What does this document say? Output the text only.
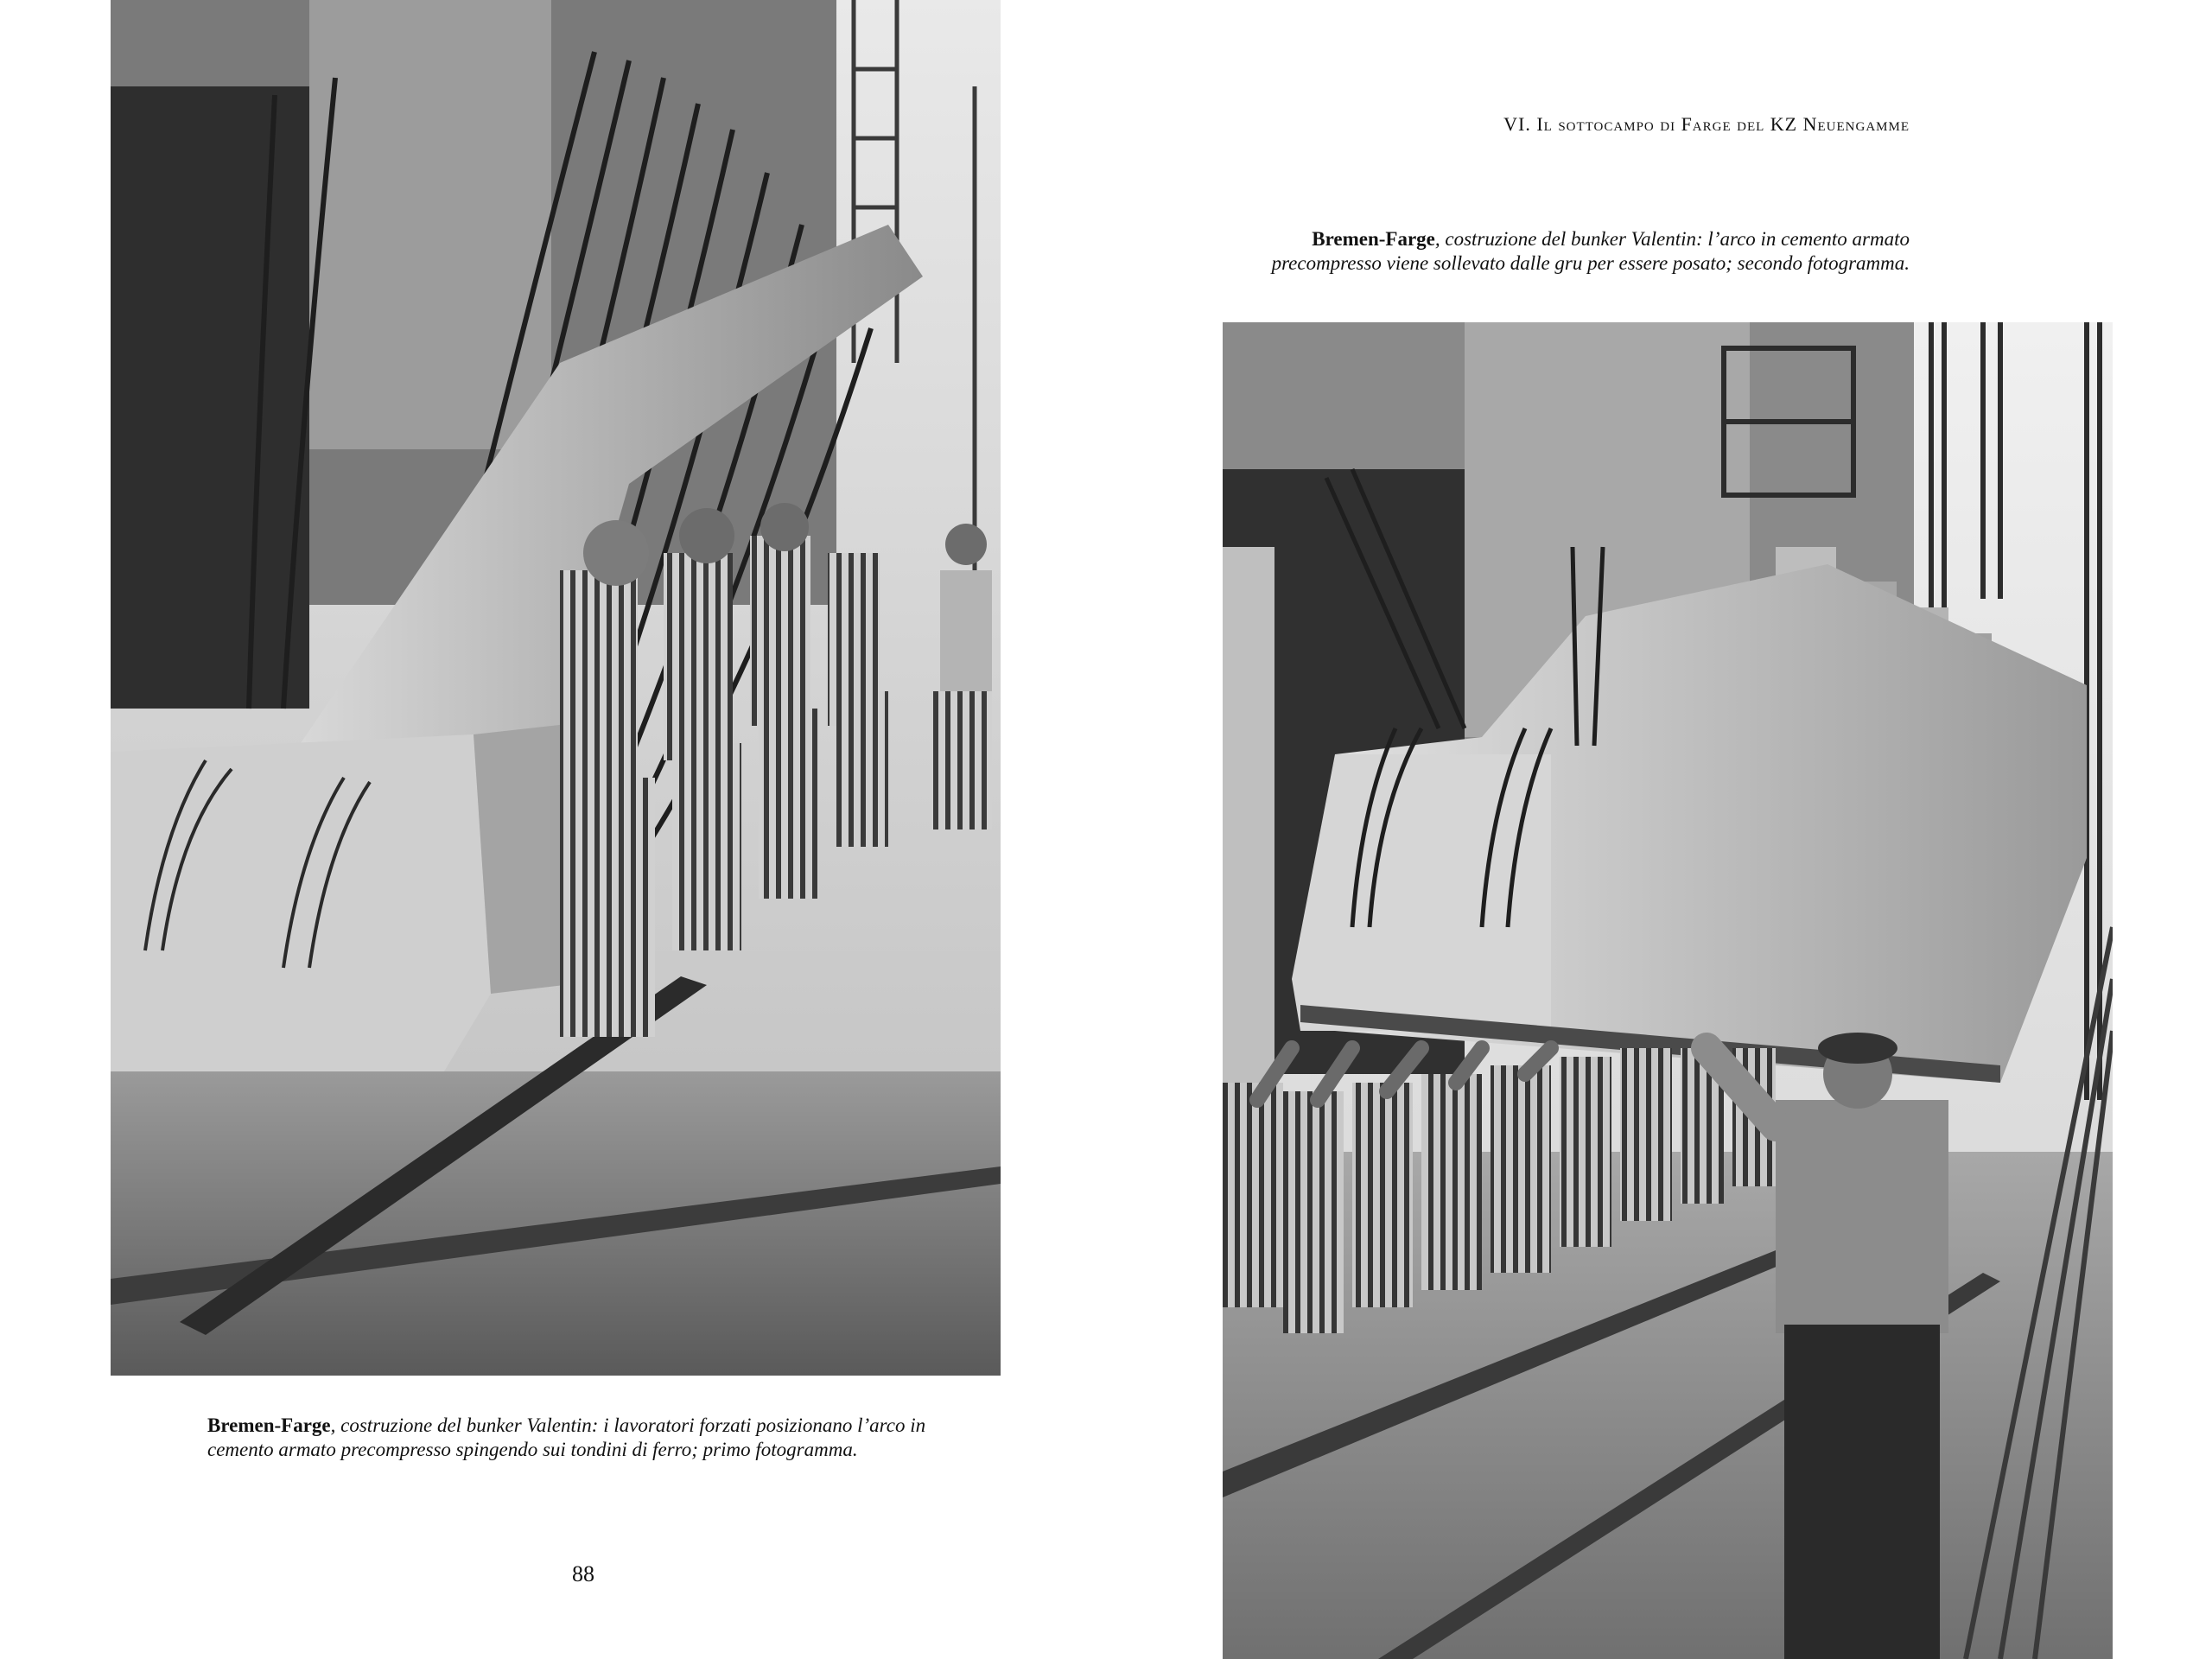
Bremen-Farge, costruzione del bunker Valentin: i lavoratori forzati posizionano l’arco in cemento armato precompresso spingendo sui tondini di ferro; primo fotogramma.
88
VI. Il sottocampo di Farge del KZ Neuengamme
Bremen-Farge, costruzione del bunker Valentin: l’arco in cemento armato precompresso viene sollevato dalle gru per essere posato; secondo fotogramma.
